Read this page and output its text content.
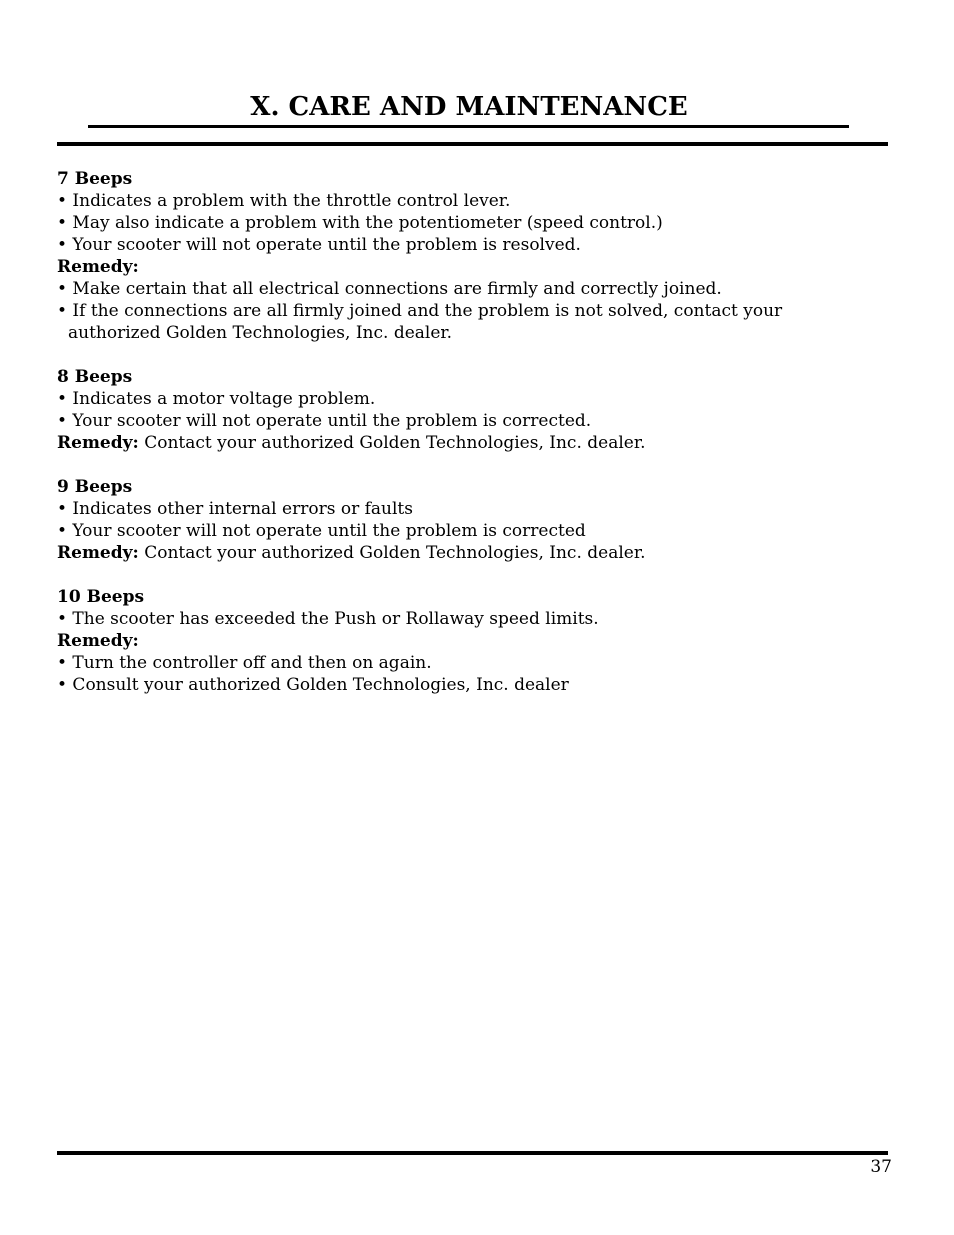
X. CARE AND MAINTENANCE
7 Beeps
• Indicates a problem with the throttle control lever.
• May also indicate a problem with the potentiometer (speed control.)
• Your scooter will not operate until the problem is resolved.
Remedy:
• Make certain that all electrical connections are firmly and correctly joined.
• If the connections are all firmly joined and the problem is not solved, contact your
authorized Golden Technologies, Inc. dealer.
8 Beeps
• Indicates a motor voltage problem.
• Your scooter will not operate until the problem is corrected.
Remedy: Contact your authorized Golden Technologies, Inc. dealer.
9 Beeps
• Indicates other internal errors or faults
• Your scooter will not operate until the problem is corrected
Remedy: Contact your authorized Golden Technologies, Inc. dealer.
10 Beeps
• The scooter has exceeded the Push or Rollaway speed limits.
Remedy:
• Turn the controller off and then on again.
• Consult your authorized Golden Technologies, Inc. dealer
37
